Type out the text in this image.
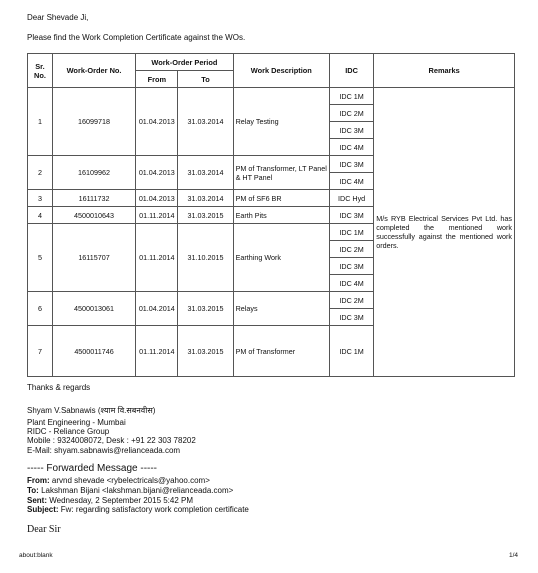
Dear Shevade Ji,
Please find the Work Completion Certificate against the WOs.
Sr. No.	Work-Order No.	Work-Order Period		Work Description	IDC	Remarks
		From	To			
1	16099718	01.04.2013	31.03.2014	Relay Testing	IDC 1M	M/s RYB Electrical Services Pvt Ltd. has completed the mentioned work successfully against the mentioned work orders.
					IDC 2M	
					IDC 3M	
					IDC 4M	
2	16109962	01.04.2013	31.03.2014	PM of Transformer, LT Panel & HT Panel	IDC 3M	
					IDC 4M	
3	16111732	01.04.2013	31.03.2014	PM of SF6 BR	IDC Hyd	
4	4500010643	01.11.2014	31.03.2015	Earth Pits	IDC 3M	
5	16115707	01.11.2014	31.10.2015	Earthing Work	IDC 1M	
					IDC 2M	
					IDC 3M	
					IDC 4M	
6	4500013061	01.04.2014	31.03.2015	Relays	IDC 2M	
					IDC 3M	
7	4500011746	01.11.2014	31.03.2015	PM of Transformer	IDC 1M	
Thanks & regards
Shyam V.Sabnawis (श्याम वि.सबनवीस)
Plant Engineering - Mumbai
RIDC - Reliance Group
Mobile : 9324008072, Desk : +91 22 303 78202
E-Mail: shyam.sabnawis@relianceada.com
----- Forwarded Message -----
From: arvnd shevade <rybelectricals@yahoo.com>
To: Lakshman Bijani <lakshman.bijani@relianceada.com>
Sent: Wednesday, 2 September 2015 5:42 PM
Subject: Fw: regarding satisfactory work completion certificate
Dear Sir
about:blank	1/4
